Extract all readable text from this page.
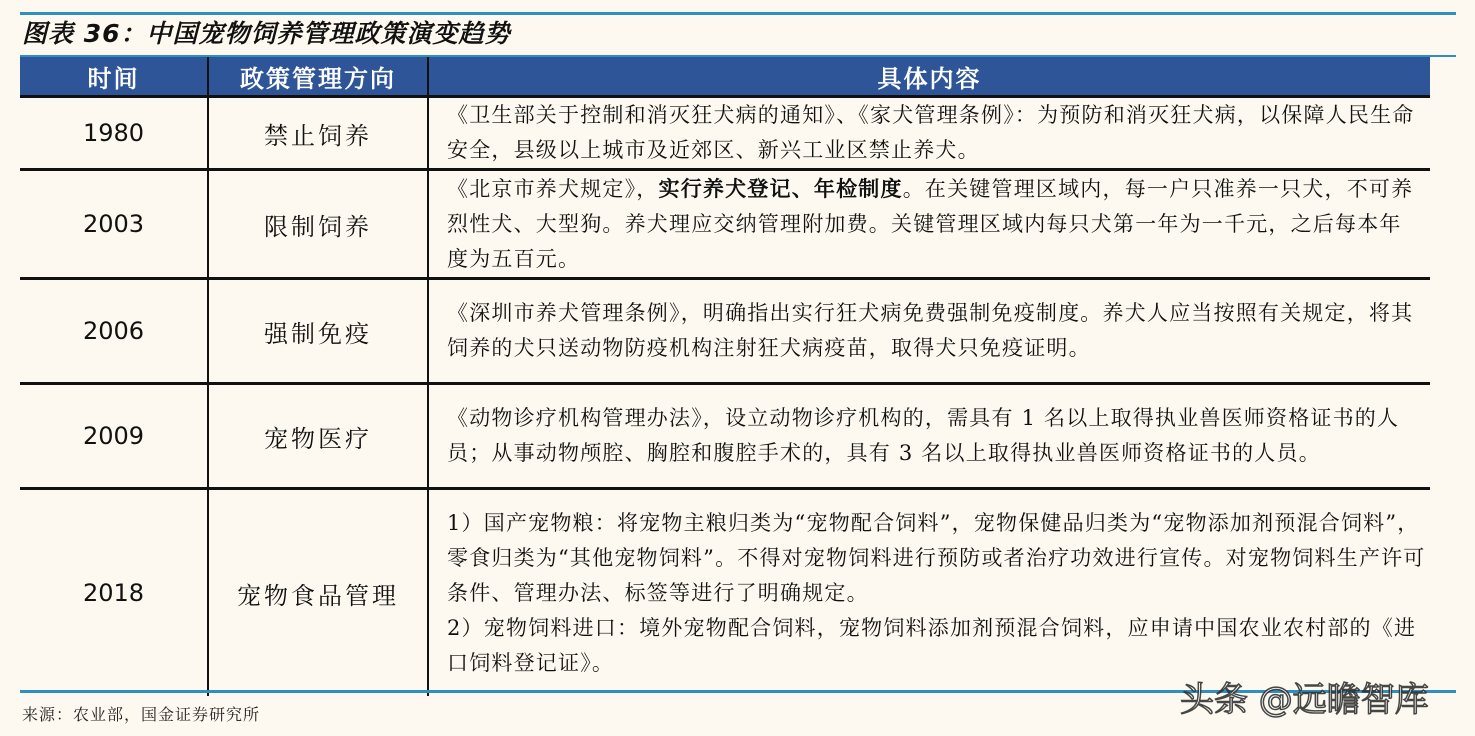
图表 36：中国宠物饲养管理政策演变趋势
时间	政策管理方向	具体内容
1980	禁止饲养	《卫生部关于控制和消灭狂犬病的通知》、《家犬管理条例》：为预防和消灭狂犬病，以保障人民生命安全，县级以上城市及近郊区、新兴工业区禁止养犬。
2003	限制饲养	《北京市养犬规定》，实行养犬登记、年检制度。在关键管理区域内，每一户只准养一只犬，不可养烈性犬、大型狗。养犬理应交纳管理附加费。关键管理区域内每只犬第一年为一千元，之后每本年度为五百元。
2006	强制免疫	《深圳市养犬管理条例》，明确指出实行狂犬病免费强制免疫制度。养犬人应当按照有关规定，将其饲养的犬只送动物防疫机构注射狂犬病疫苗，取得犬只免疫证明。
2009	宠物医疗	《动物诊疗机构管理办法》，设立动物诊疗机构的，需具有 1 名以上取得执业兽医师资格证书的人员；从事动物颅腔、胸腔和腹腔手术的，具有 3 名以上取得执业兽医师资格证书的人员。
2018	宠物食品管理	1）国产宠物粮：将宠物主粮归类为“宠物配合饲料”，宠物保健品归类为“宠物添加剂预混合饲料”，零食归类为“其他宠物饲料”。不得对宠物饲料进行预防或者治疗功效进行宣传。对宠物饲料生产许可条件、管理办法、标签等进行了明确规定。
2）宠物饲料进口：境外宠物配合饲料，宠物饲料添加剂预混合饲料，应申请中国农业农村部的《进口饲料登记证》。
来源：农业部，国金证券研究所	头条 @远瞻智库
